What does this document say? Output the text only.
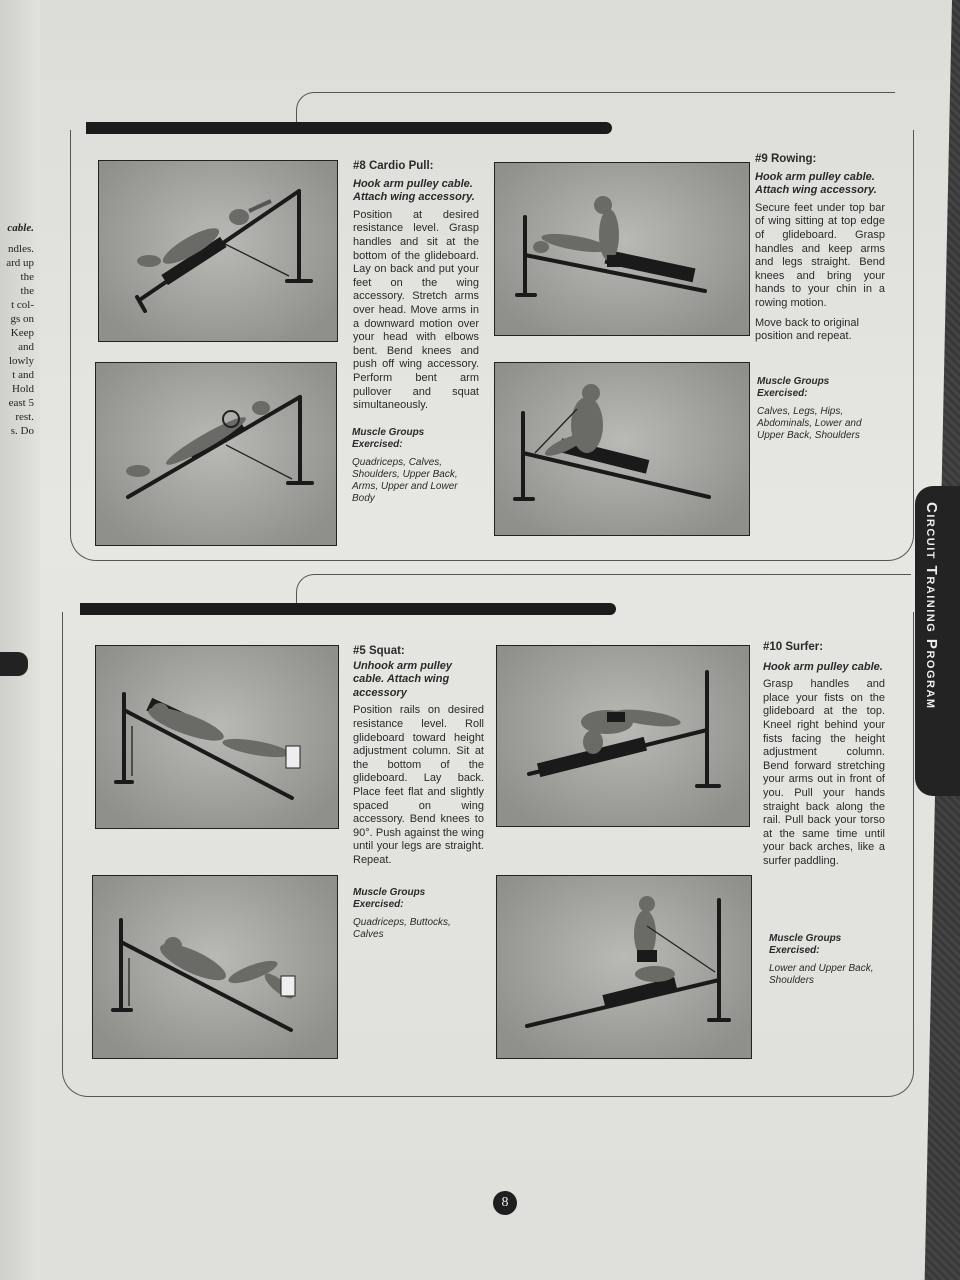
cable.
ndles.
ard up
the
the
t col-
gs on
Keep
and
lowly
t and
Hold
east 5
rest.
s. Do
#8 Cardio Pull:
Hook arm pulley cable. Attach wing accessory.
Position at desired resistance level. Grasp handles and sit at the bottom of the glideboard. Lay on back and put your feet on the wing accessory. Stretch arms over head. Move arms in a downward motion over your head with elbows bent. Bend knees and push off wing accessory. Perform bent arm pullover and squat simultaneously.
Muscle Groups Exercised:
Quadriceps, Calves, Shoulders, Upper Back, Arms, Upper and Lower Body
#9 Rowing:
Hook arm pulley cable. Attach wing accessory.
Secure feet under top bar of wing sitting at top edge of glideboard. Grasp handles and keep arms and legs straight. Bend knees and bring your hands to your chin in a rowing motion.
Move back to original position and repeat.
Muscle Groups Exercised:
Calves, Legs, Hips, Abdominals, Lower and Upper Back, Shoulders
#5 Squat:
Unhook arm pulley cable. Attach wing accessory
Position rails on desired resistance level. Roll glideboard toward height adjustment column. Sit at the bottom of the glideboard. Lay back. Place feet flat and slightly spaced on wing accessory. Bend knees to 90°. Push against the wing until your legs are straight. Repeat.
Muscle Groups Exercised:
Quadriceps, Buttocks, Calves
#10 Surfer:
Hook arm pulley cable.
Grasp handles and place your fists on the glideboard at the top. Kneel right behind your fists facing the height adjustment column. Bend forward stretching your arms out in front of you. Pull your hands straight back along the rail. Pull back your torso at the same time until your back arches, like a surfer paddling.
Muscle Groups Exercised:
Lower and Upper Back, Shoulders
Circuit Training Program
8
